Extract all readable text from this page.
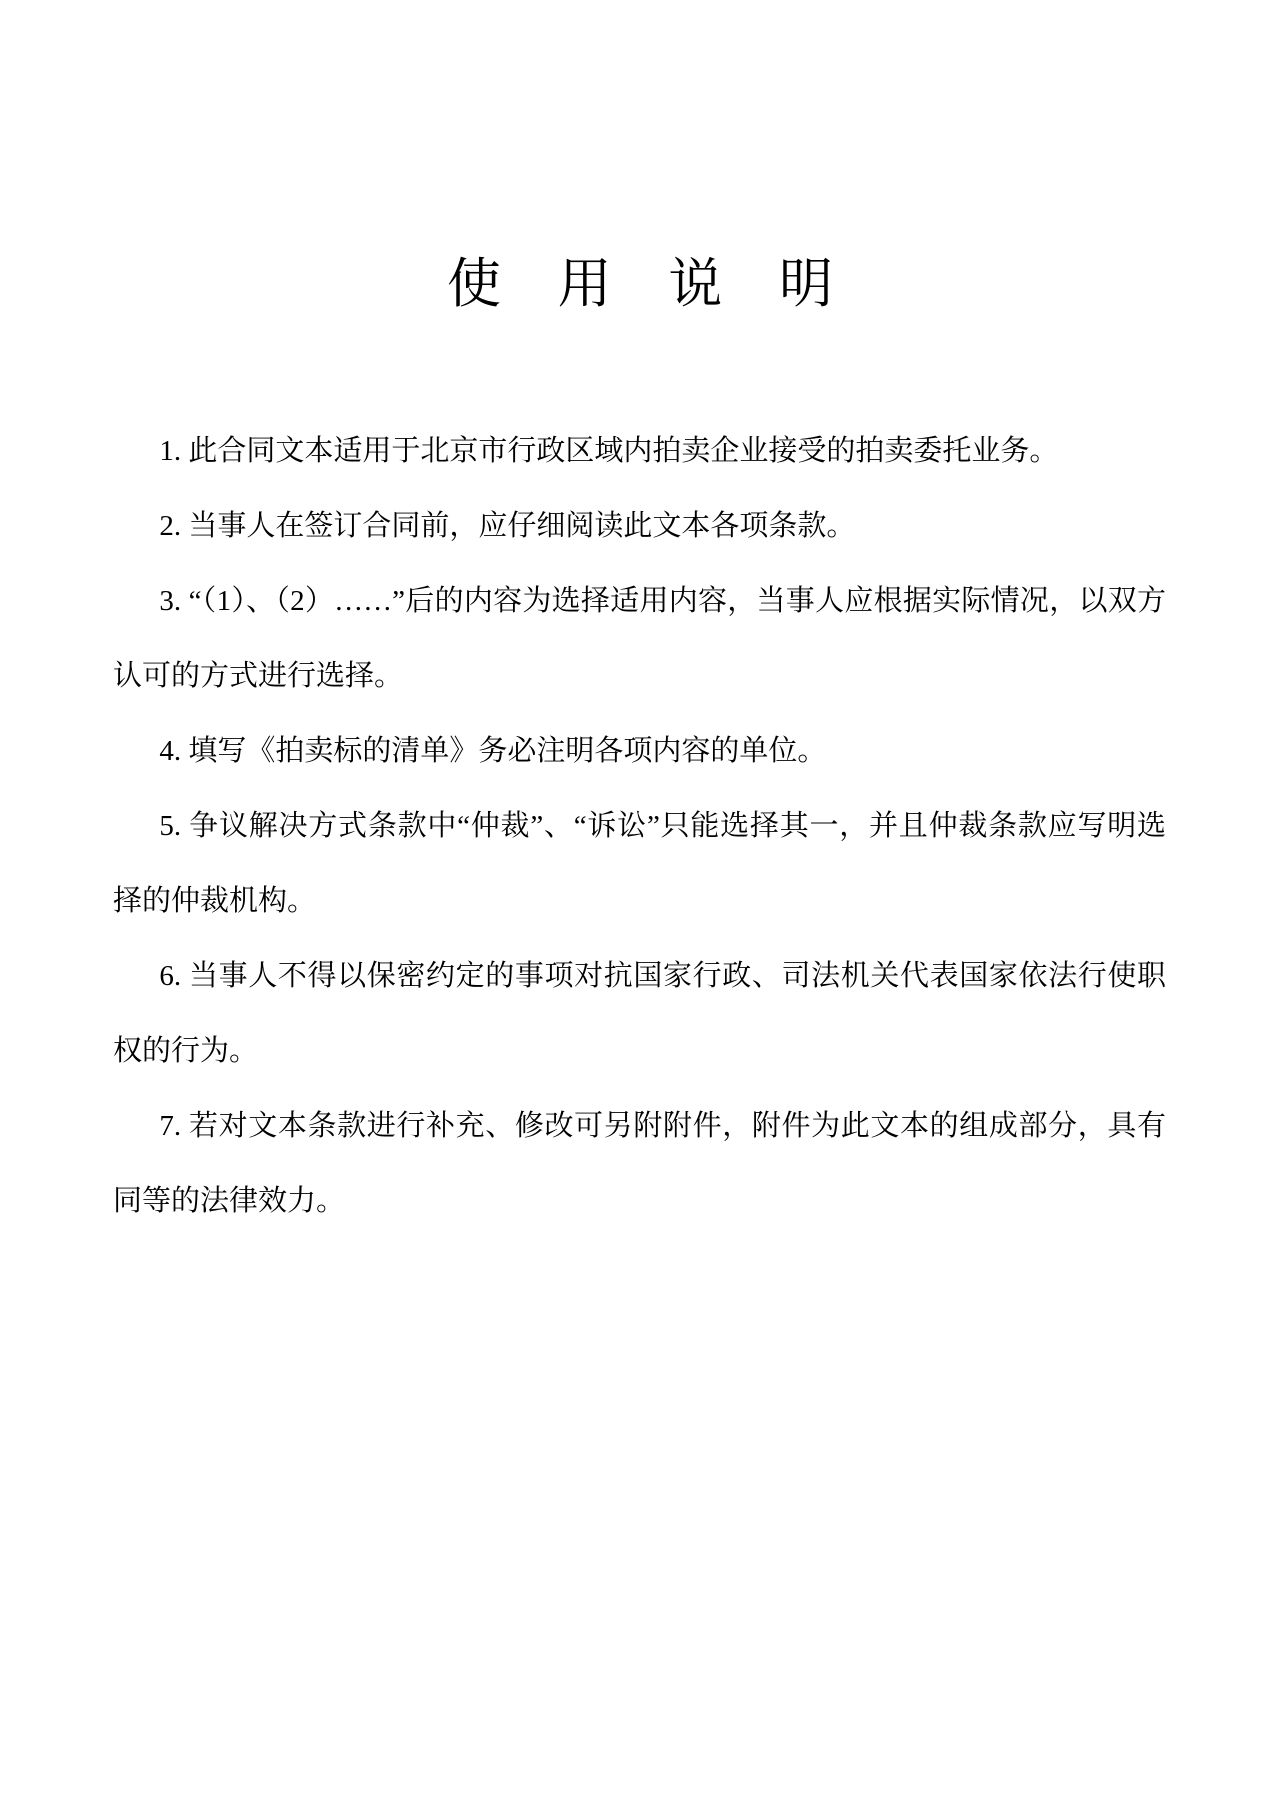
使用说明

1. 此合同文本适用于北京市行政区域内拍卖企业接受的拍卖委托业务。

2. 当事人在签订合同前，应仔细阅读此文本各项条款。

3. “（1）、（2）……”后的内容为选择适用内容，当事人应根据实际情况，以双方认可的方式进行选择。

4. 填写《拍卖标的清单》务必注明各项内容的单位。

5. 争议解决方式条款中“仲裁”、“诉讼”只能选择其一，并且仲裁条款应写明选择的仲裁机构。

6. 当事人不得以保密约定的事项对抗国家行政、司法机关代表国家依法行使职权的行为。

7. 若对文本条款进行补充、修改可另附附件，附件为此文本的组成部分，具有同等的法律效力。
